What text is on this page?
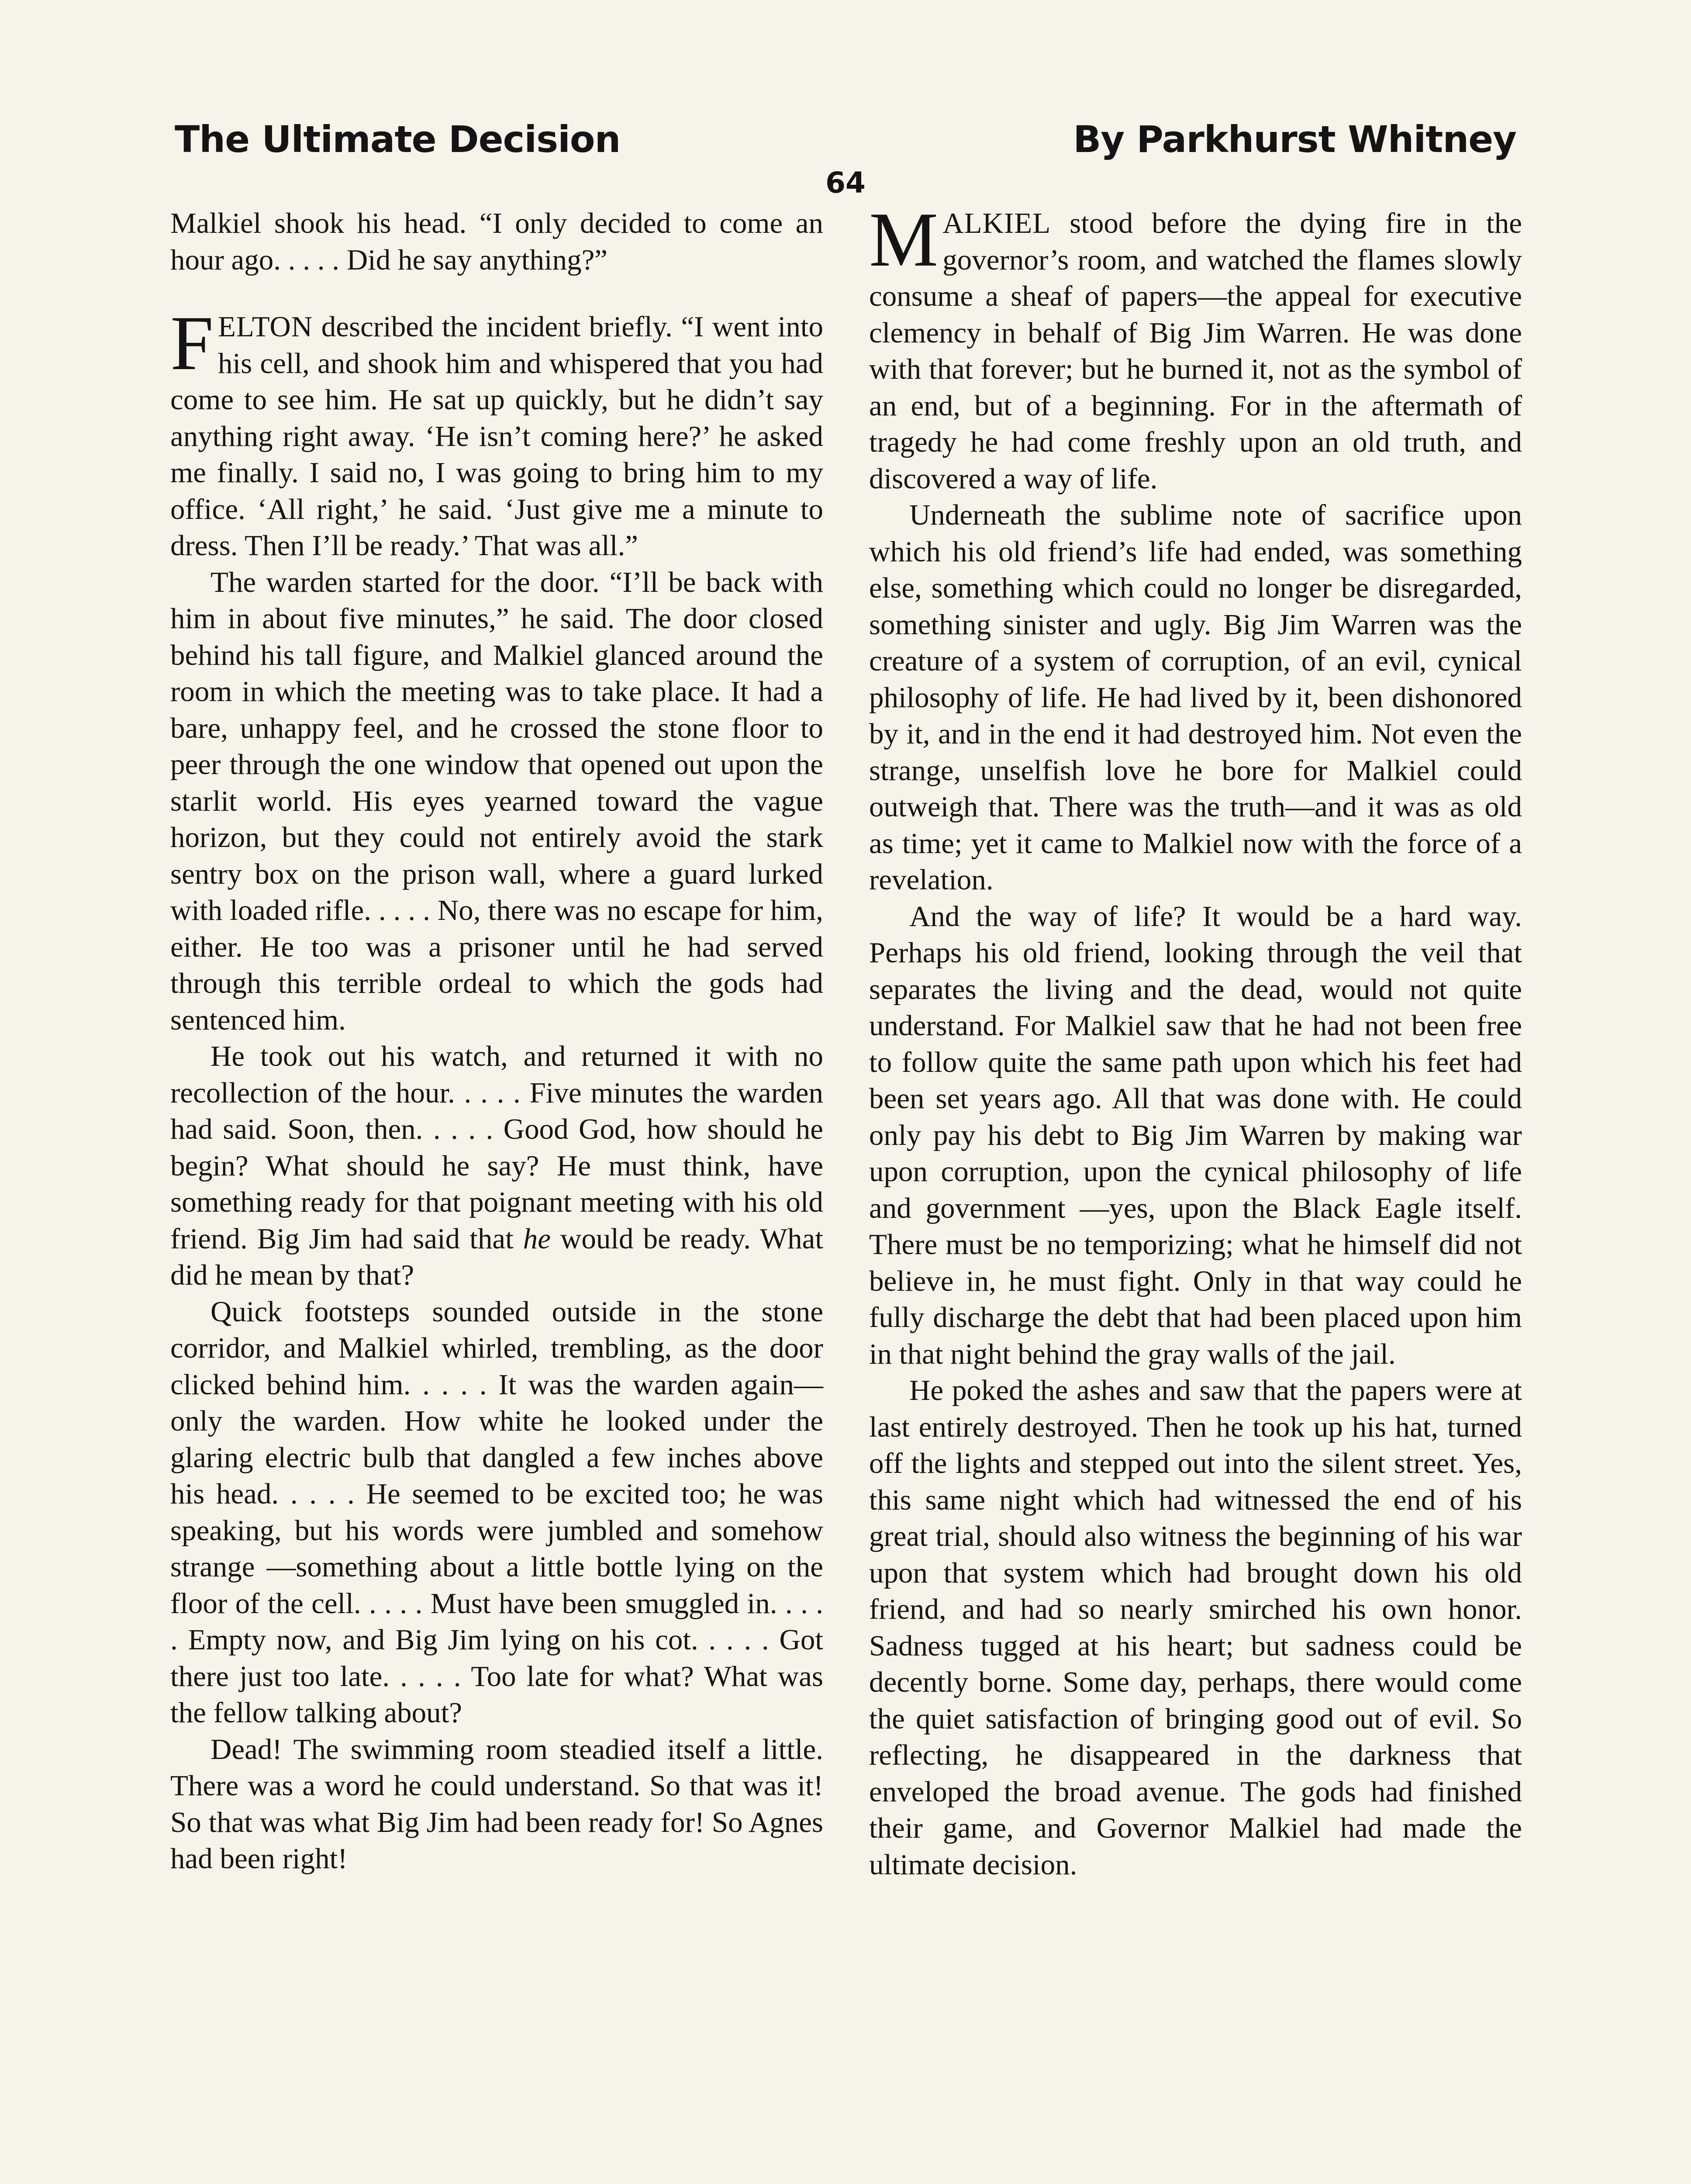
The Ultimate Decision	By Parkhurst Whitney
64

Malkiel shook his head. “I only decided to come an hour ago. . . . . Did he say anything?”

FELTON described the incident briefly. “I went into his cell, and shook him and whispered that you had come to see him. He sat up quickly, but he didn’t say anything right away. ‘He isn’t coming here?’ he asked me finally. I said no, I was going to bring him to my office. ‘All right,’ he said. ‘Just give me a minute to dress. Then I’ll be ready.’ That was all.”

The warden started for the door. “I’ll be back with him in about five minutes,” he said. The door closed behind his tall figure, and Malkiel glanced around the room in which the meeting was to take place. It had a bare, unhappy feel, and he crossed the stone floor to peer through the one window that opened out upon the starlit world. His eyes yearned toward the vague horizon, but they could not entirely avoid the stark sentry box on the prison wall, where a guard lurked with loaded rifle. . . . . No, there was no escape for him, either. He too was a prisoner until he had served through this terrible ordeal to which the gods had sentenced him.

He took out his watch, and returned it with no recollection of the hour. . . . . Five minutes the warden had said. Soon, then. . . . . Good God, how should he begin? What should he say? He must think, have something ready for that poignant meeting with his old friend. Big Jim had said that he would be ready. What did he mean by that?

Quick footsteps sounded outside in the stone corridor, and Malkiel whirled, trembling, as the door clicked behind him. . . . . It was the warden again—only the warden. How white he looked under the glaring electric bulb that dangled a few inches above his head. . . . . He seemed to be excited too; he was speaking, but his words were jumbled and somehow strange —something about a little bottle lying on the floor of the cell. . . . . Must have been smuggled in. . . . . Empty now, and Big Jim lying on his cot. . . . . Got there just too late. . . . . Too late for what? What was the fellow talking about?

Dead! The swimming room steadied itself a little. There was a word he could understand. So that was it! So that was what Big Jim had been ready for! So Agnes had been right!

MALKIEL stood before the dying fire in the governor’s room, and watched the flames slowly consume a sheaf of papers—the appeal for executive clemency in behalf of Big Jim Warren. He was done with that forever; but he burned it, not as the symbol of an end, but of a beginning. For in the aftermath of tragedy he had come freshly upon an old truth, and discovered a way of life.

Underneath the sublime note of sacrifice upon which his old friend’s life had ended, was something else, something which could no longer be disregarded, something sinister and ugly. Big Jim Warren was the creature of a system of corruption, of an evil, cynical philosophy of life. He had lived by it, been dishonored by it, and in the end it had destroyed him. Not even the strange, unselfish love he bore for Malkiel could outweigh that. There was the truth—and it was as old as time; yet it came to Malkiel now with the force of a revelation.

And the way of life? It would be a hard way. Perhaps his old friend, looking through the veil that separates the living and the dead, would not quite understand. For Malkiel saw that he had not been free to follow quite the same path upon which his feet had been set years ago. All that was done with. He could only pay his debt to Big Jim Warren by making war upon corruption, upon the cynical philosophy of life and government —yes, upon the Black Eagle itself. There must be no temporizing; what he himself did not believe in, he must fight. Only in that way could he fully discharge the debt that had been placed upon him in that night behind the gray walls of the jail.

He poked the ashes and saw that the papers were at last entirely destroyed. Then he took up his hat, turned off the lights and stepped out into the silent street. Yes, this same night which had witnessed the end of his great trial, should also witness the beginning of his war upon that system which had brought down his old friend, and had so nearly smirched his own honor. Sadness tugged at his heart; but sadness could be decently borne. Some day, perhaps, there would come the quiet satisfaction of bringing good out of evil. So reflecting, he disappeared in the darkness that enveloped the broad avenue. The gods had finished their game, and Governor Malkiel had made the ultimate decision.
